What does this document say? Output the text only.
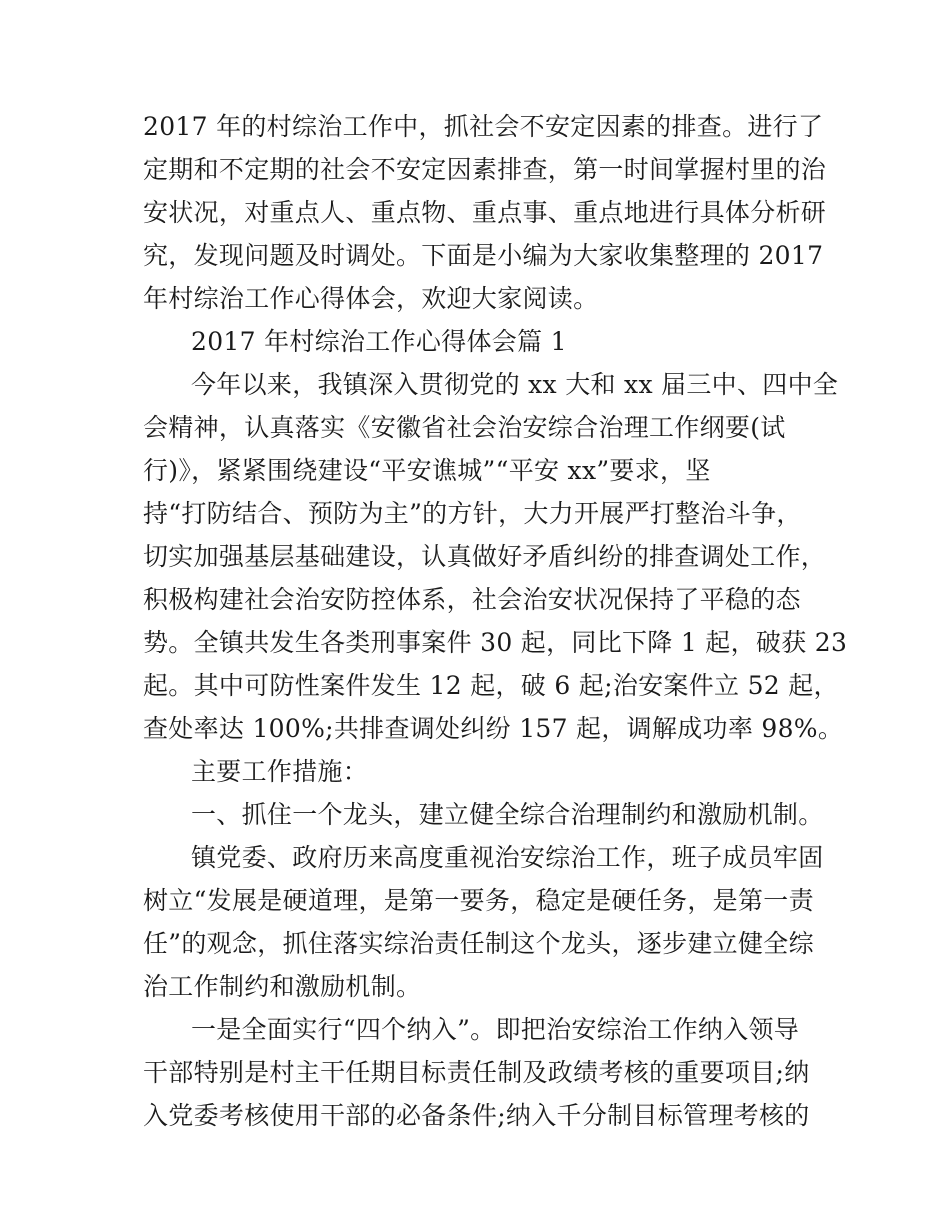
2017 年的村综治工作中，抓社会不安定因素的排查。进行了
定期和不定期的社会不安定因素排查，第一时间掌握村里的治
安状况，对重点人、重点物、重点事、重点地进行具体分析研
究，发现问题及时调处。下面是小编为大家收集整理的 2017
年村综治工作心得体会，欢迎大家阅读。
2017 年村综治工作心得体会篇 1
今年以来，我镇深入贯彻党的 xx 大和 xx 届三中、四中全
会精神，认真落实《安徽省社会治安综合治理工作纲要(试
行)》，紧紧围绕建设“平安谯城”“平安 xx”要求，坚
持“打防结合、预防为主”的方针，大力开展严打整治斗争，
切实加强基层基础建设，认真做好矛盾纠纷的排查调处工作，
积极构建社会治安防控体系，社会治安状况保持了平稳的态
势。全镇共发生各类刑事案件 30 起，同比下降 1 起，破获 23
起。其中可防性案件发生 12 起，破 6 起;治安案件立 52 起，
查处率达 100%;共排查调处纠纷 157 起，调解成功率 98%。
主要工作措施：
一、抓住一个龙头，建立健全综合治理制约和激励机制。
镇党委、政府历来高度重视治安综治工作，班子成员牢固
树立“发展是硬道理，是第一要务，稳定是硬任务，是第一责
任”的观念，抓住落实综治责任制这个龙头，逐步建立健全综
治工作制约和激励机制。
一是全面实行“四个纳入”。即把治安综治工作纳入领导
干部特别是村主干任期目标责任制及政绩考核的重要项目;纳
入党委考核使用干部的必备条件;纳入千分制目标管理考核的
